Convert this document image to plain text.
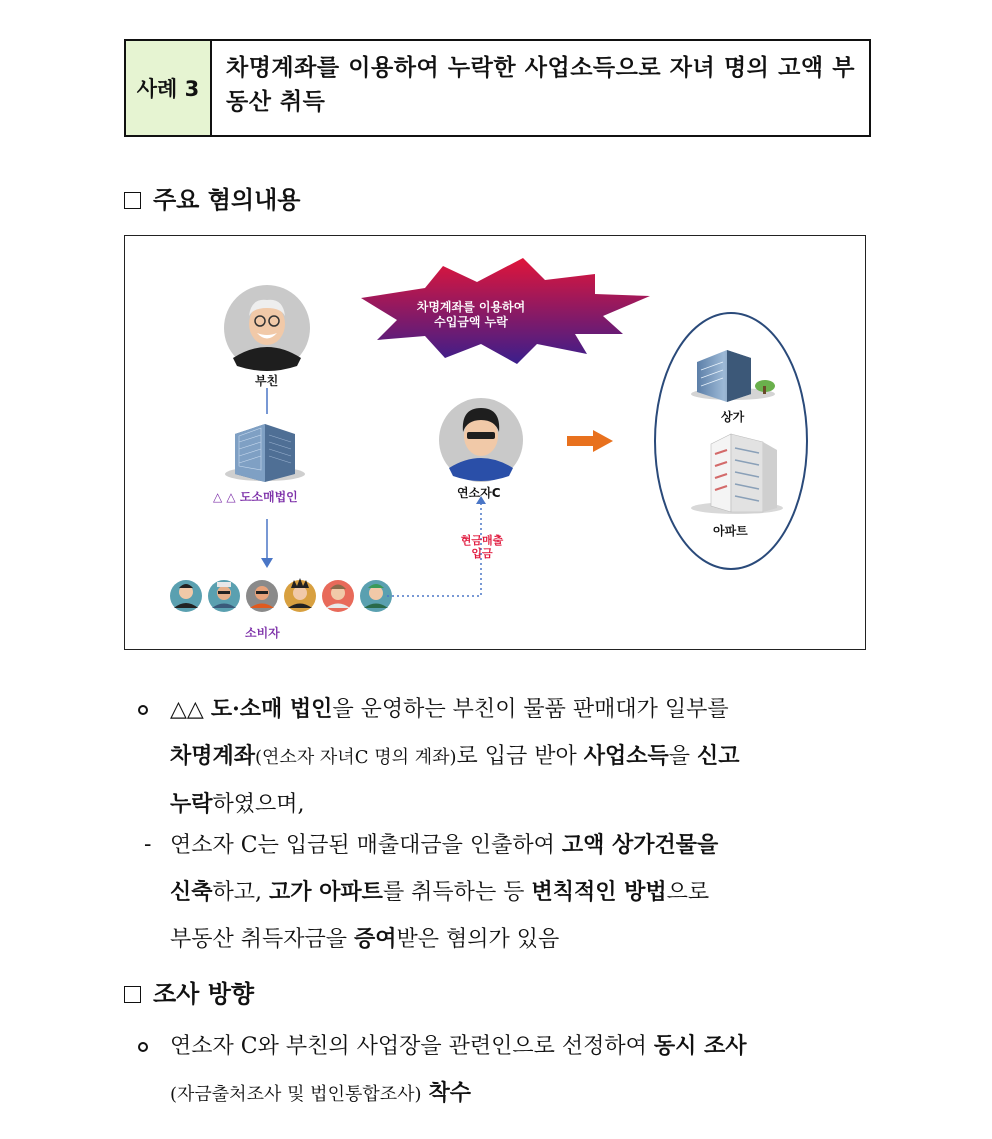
사례 3
차명계좌를 이용하여 누락한 사업소득으로 자녀 명의 고액 부동산 취득
주요 혐의내용
차명계좌를 이용하여
수입금액 누락
부친
△ △ 도소매법인
소비자
연소자C
현금매출
입금
상가
아파트
△△ 도·소매 법인을 운영하는 부친이 물품 판매대가 일부를
차명계좌(연소자 자녀C 명의 계좌)로 입금 받아 사업소득을 신고
누락하였으며,
- 연소자 C는 입금된 매출대금을 인출하여 고액 상가건물을
신축하고, 고가 아파트를 취득하는 등 변칙적인 방법으로
부동산 취득자금을 증여받은 혐의가 있음
조사 방향
연소자 C와 부친의 사업장을 관련인으로 선정하여 동시 조사
(자금출처조사 및 법인통합조사) 착수
